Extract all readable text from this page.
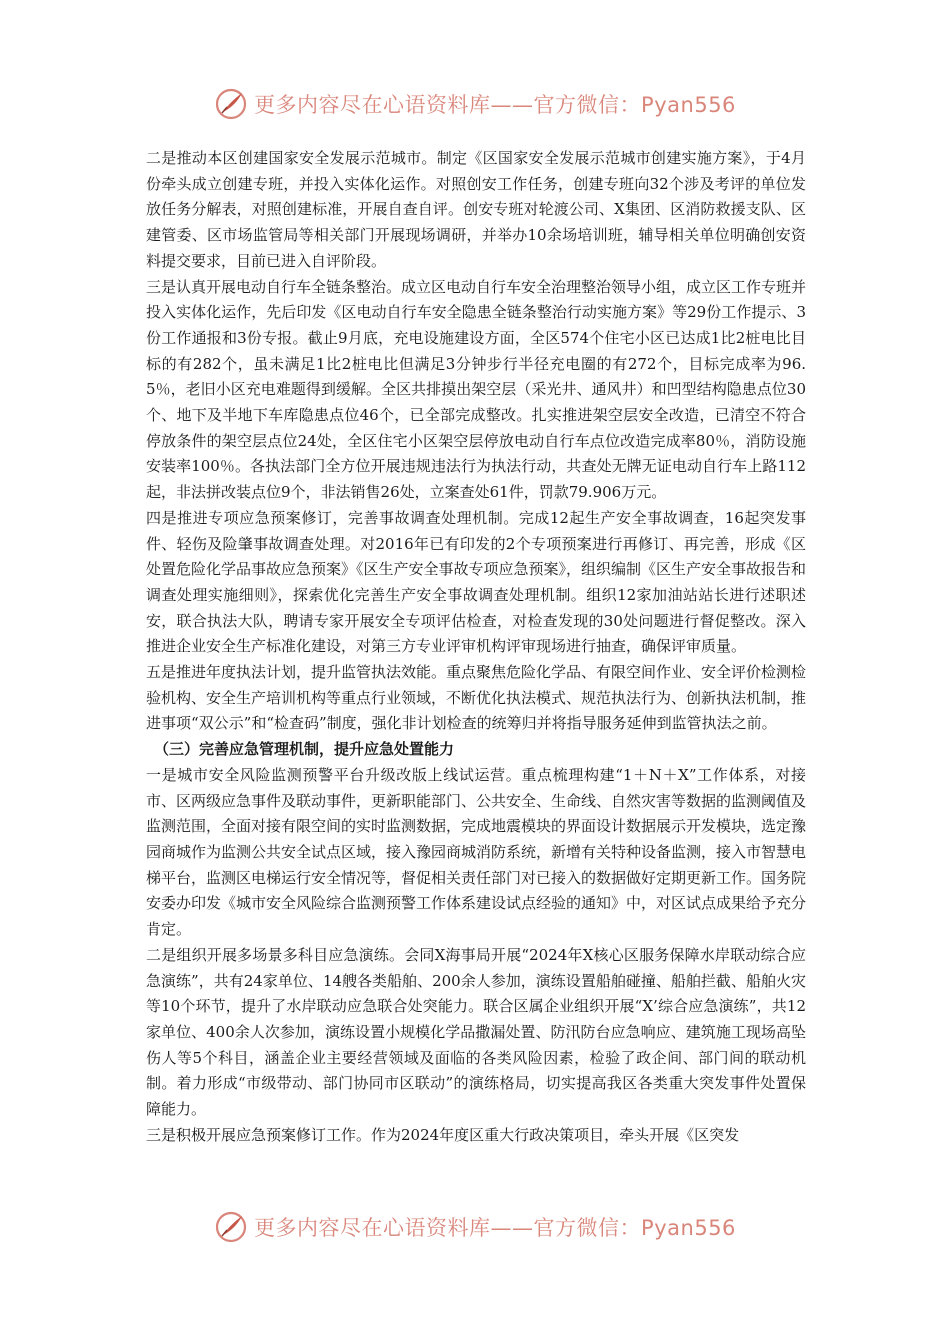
更多内容尽在心语资料库——官方微信：Pyan556

二是推动本区创建国家安全发展示范城市。制定《区国家安全发展示范城市创建实施方案》，于4月份牵头成立创建专班，并投入实体化运作。对照创安工作任务，创建专班向32个涉及考评的单位发放任务分解表，对照创建标准，开展自查自评。创安专班对轮渡公司、X集团、区消防救援支队、区建管委、区市场监管局等相关部门开展现场调研，并举办10余场培训班，辅导相关单位明确创安资料提交要求，目前已进入自评阶段。

三是认真开展电动自行车全链条整治。成立区电动自行车安全治理整治领导小组，成立区工作专班并投入实体化运作，先后印发《区电动自行车安全隐患全链条整治行动实施方案》等29份工作提示、3份工作通报和3份专报。截止9月底，充电设施建设方面，全区574个住宅小区已达成1比2桩电比目标的有282个，虽未满足1比2桩电比但满足3分钟步行半径充电圈的有272个，目标完成率为96.5％，老旧小区充电难题得到缓解。全区共排摸出架空层（采光井、通风井）和凹型结构隐患点位30个、地下及半地下车库隐患点位46个，已全部完成整改。扎实推进架空层安全改造，已清空不符合停放条件的架空层点位24处，全区住宅小区架空层停放电动自行车点位改造完成率80％，消防设施安装率100％。各执法部门全方位开展违规违法行为执法行动，共查处无牌无证电动自行车上路112起，非法拼改装点位9个，非法销售26处，立案查处61件，罚款79.906万元。

四是推进专项应急预案修订，完善事故调查处理机制。完成12起生产安全事故调查，16起突发事件、轻伤及险肇事故调查处理。对2016年已有印发的2个专项预案进行再修订、再完善，形成《区处置危险化学品事故应急预案》《区生产安全事故专项应急预案》，组织编制《区生产安全事故报告和调查处理实施细则》，探索优化完善生产安全事故调查处理机制。组织12家加油站站长进行述职述安，联合执法大队，聘请专家开展安全专项评估检查，对检查发现的30处问题进行督促整改。深入推进企业安全生产标准化建设，对第三方专业评审机构评审现场进行抽查，确保评审质量。

五是推进年度执法计划，提升监管执法效能。重点聚焦危险化学品、有限空间作业、安全评价检测检验机构、安全生产培训机构等重点行业领域，不断优化执法模式、规范执法行为、创新执法机制，推进事项“双公示”和“检查码”制度，强化非计划检查的统筹归并将指导服务延伸到监管执法之前。

（三）完善应急管理机制，提升应急处置能力

一是城市安全风险监测预警平台升级改版上线试运营。重点梳理构建“1＋N＋X”工作体系，对接市、区两级应急事件及联动事件，更新职能部门、公共安全、生命线、自然灾害等数据的监测阈值及监测范围，全面对接有限空间的实时监测数据，完成地震模块的界面设计数据展示开发模块，选定豫园商城作为监测公共安全试点区域，接入豫园商城消防系统，新增有关特种设备监测，接入市智慧电梯平台，监测区电梯运行安全情况等，督促相关责任部门对已接入的数据做好定期更新工作。国务院安委办印发《城市安全风险综合监测预警工作体系建设试点经验的通知》中，对区试点成果给予充分肯定。

二是组织开展多场景多科目应急演练。会同X海事局开展“2024年X核心区服务保障水岸联动综合应急演练”，共有24家单位、14艘各类船舶、200余人参加，演练设置船舶碰撞、船舶拦截、船舶火灾等10个环节，提升了水岸联动应急联合处突能力。联合区属企业组织开展“X’综合应急演练”，共12家单位、400余人次参加，演练设置小规模化学品撒漏处置、防汛防台应急响应、建筑施工现场高坠伤人等5个科目，涵盖企业主要经营领域及面临的各类风险因素，检验了政企间、部门间的联动机制。着力形成“市级带动、部门协同市区联动”的演练格局，切实提高我区各类重大突发事件处置保障能力。

三是积极开展应急预案修订工作。作为2024年度区重大行政决策项目，牵头开展《区突发

更多内容尽在心语资料库——官方微信：Pyan556
